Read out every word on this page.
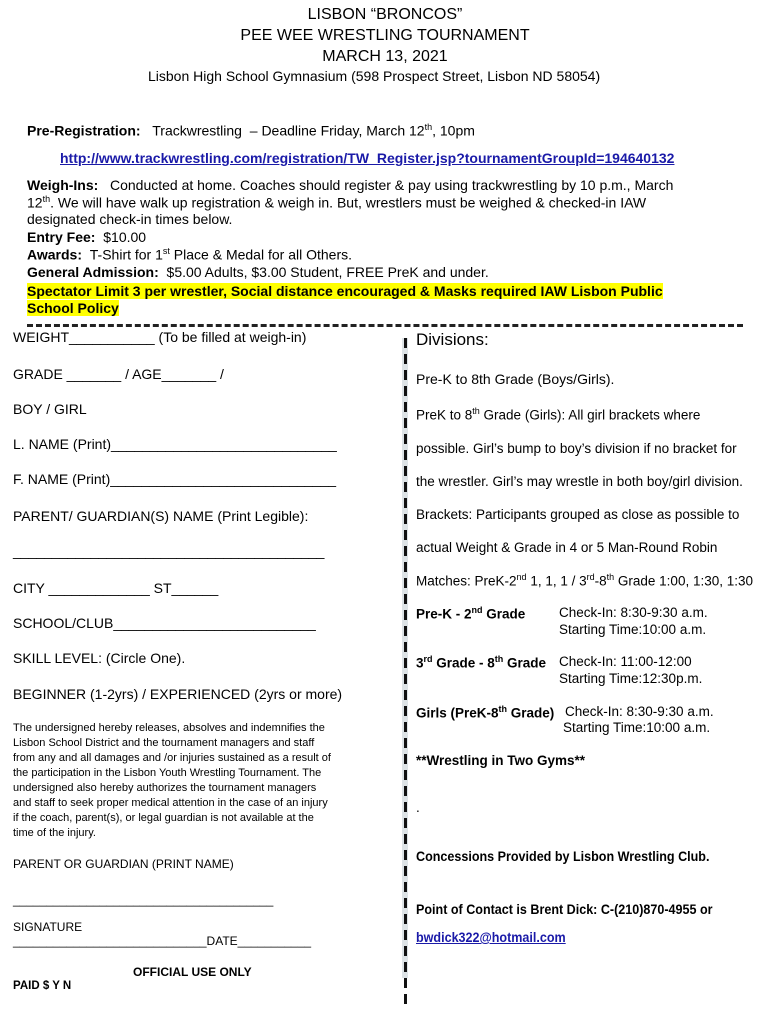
LISBON “BRONCOS”
PEE WEE WRESTLING TOURNAMENT
MARCH 13, 2021
Lisbon High School Gymnasium (598 Prospect Street, Lisbon ND 58054)
Pre-Registration: Trackwrestling – Deadline Friday, March 12th, 10pm
http://www.trackwrestling.com/registration/TW_Register.jsp?tournamentGroupId=194640132
Weigh-Ins: Conducted at home. Coaches should register & pay using trackwrestling by 10 p.m., March
12th. We will have walk up registration & weigh in. But, wrestlers must be weighed & checked-in IAW
designated check-in times below.
Entry Fee: $10.00
Awards: T-Shirt for 1st Place & Medal for all Others.
General Admission: $5.00 Adults, $3.00 Student, FREE PreK and under.
Spectator Limit 3 per wrestler, Social distance encouraged & Masks required IAW Lisbon Public
School Policy
WEIGHT___________ (To be filled at weigh-in)
GRADE _______ / AGE_______ /
BOY / GIRL
L. NAME (Print)_____________________________
F. NAME (Print)_____________________________
PARENT/ GUARDIAN(S) NAME (Print Legible):
________________________________________
CITY _____________ ST______
SCHOOL/CLUB__________________________
SKILL LEVEL: (Circle One).
BEGINNER (1-2yrs) / EXPERIENCED (2yrs or more)
The undersigned hereby releases, absolves and indemnifies the
Lisbon School District and the tournament managers and staff
from any and all damages and /or injuries sustained as a result of
the participation in the Lisbon Youth Wrestling Tournament. The
undersigned also hereby authorizes the tournament managers
and staff to seek proper medical attention in the case of an injury
if the coach, parent(s), or legal guardian is not available at the
time of the injury.
PARENT OR GUARDIAN (PRINT NAME)
_______________________________________
SIGNATURE
_____________________________DATE___________
OFFICIAL USE ONLY
PAID $ Y N
Divisions:
Pre-K to 8th Grade (Boys/Girls).
PreK to 8th Grade (Girls): All girl brackets where
possible. Girl’s bump to boy’s division if no bracket for
the wrestler. Girl’s may wrestle in both boy/girl division.
Brackets: Participants grouped as close as possible to
actual Weight & Grade in 4 or 5 Man-Round Robin
Matches: PreK-2nd 1, 1, 1 / 3rd-8th Grade 1:00, 1:30, 1:30
Pre-K - 2nd Grade Check-In: 8:30-9:30 a.m.
Starting Time:10:00 a.m.
3rd Grade - 8th Grade Check-In: 11:00-12:00
Starting Time:12:30p.m.
Girls (PreK-8th Grade) Check-In: 8:30-9:30 a.m.
Starting Time:10:00 a.m.
**Wrestling in Two Gyms**
.
Concessions Provided by Lisbon Wrestling Club.
Point of Contact is Brent Dick: C-(210)870-4955 or
bwdick322@hotmail.com
